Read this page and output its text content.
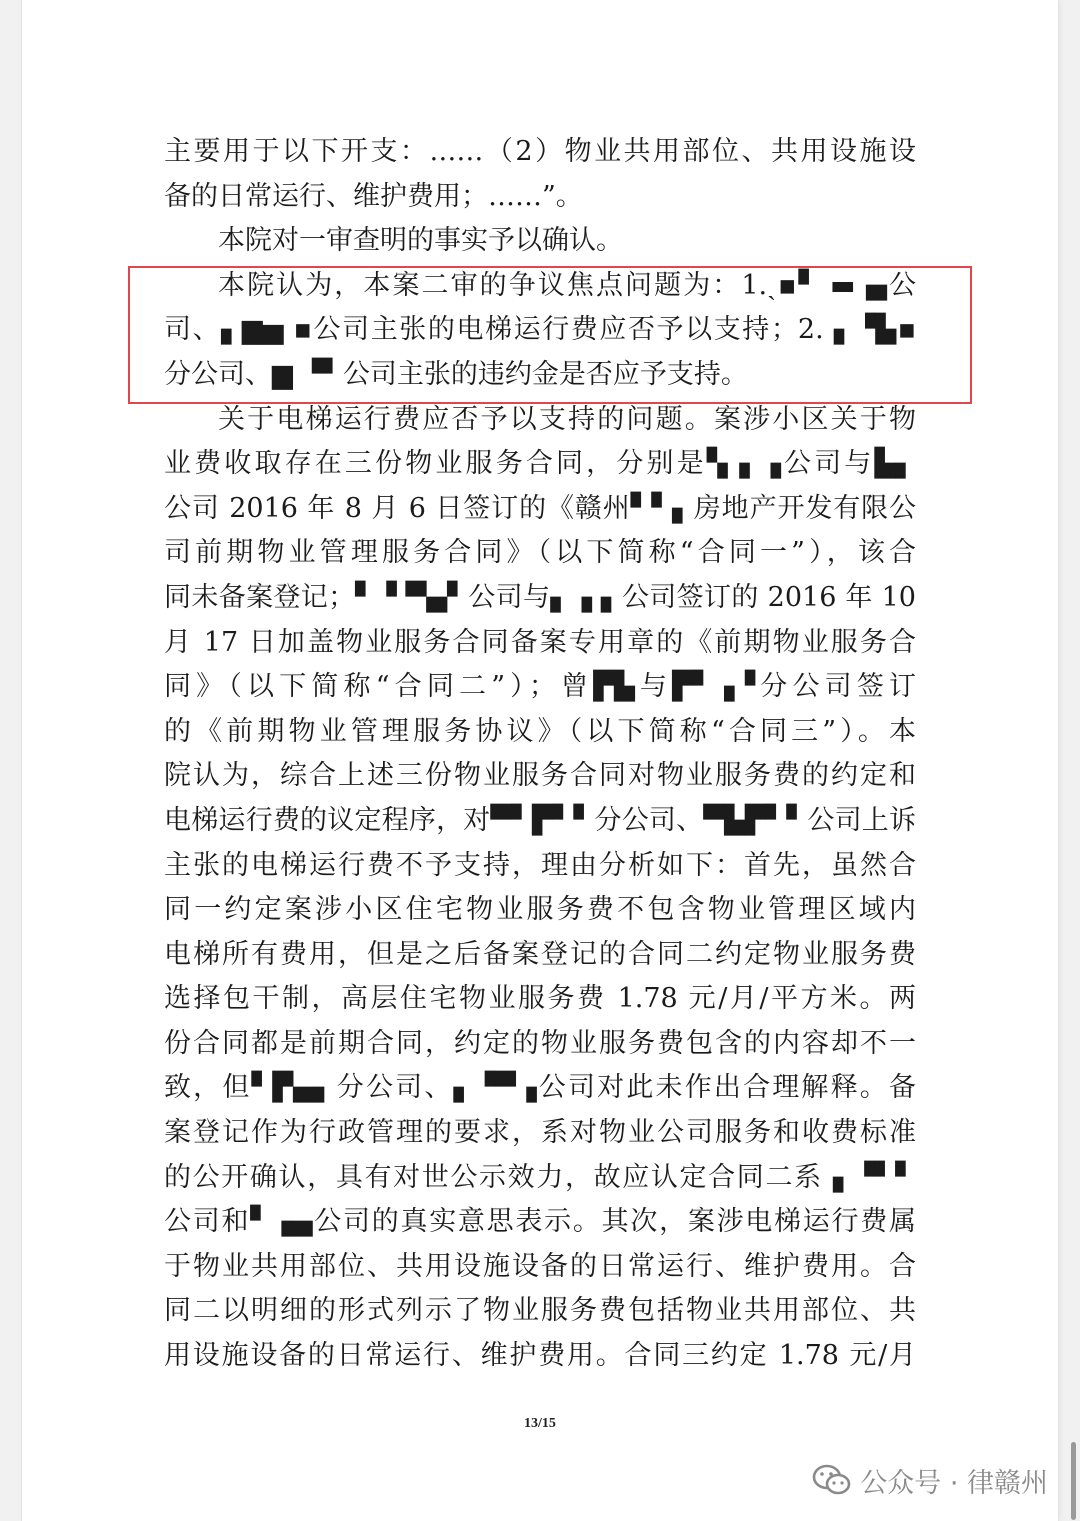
主要用于以下开支：……（2）物业共用部位、共用设施设
备的日常运行、维护费用；……”。
本院对一审查明的事实予以确认。
本院认为，本案二审的争议焦点问题为：1.ˎ▪▘ ▬ ▄公
司、▖▆▅ ▪公司主张的电梯运行费应否予以支持；2. ▖▝▙▪
分公司、▆ ▝▘公司主张的违约金是否应予支持。
关于电梯运行费应否予以支持的问题。案涉小区关于物
业费收取存在三份物业服务合同，分别是▚ ▖▗公司与▙▖
公司 2016 年 8 月 6 日签订的《赣州▘▘▖房地产开发有限公
司前期物业管理服务合同》（以下简称“合同一”），该合
同未备案登记；▘▝ ▀▄▘公司与▖▗ ▖公司签订的 2016 年 10
月 17 日加盖物业服务合同备案专用章的《前期物业服务合
同》（以下简称“合同二”）；曾▛▙与▛▘▗▝分公司签订
的《前期物业管理服务协议》（以下简称“合同三”）。本
院认为，综合上述三份物业服务合同对物业服务费的约定和
电梯运行费的议定程序，对▀▘▛▘▘分公司、▀▙▛▘▘公司上诉
主张的电梯运行费不予支持，理由分析如下：首先，虽然合
同一约定案涉小区住宅物业服务费不包含物业管理区域内
电梯所有费用，但是之后备案登记的合同二约定物业服务费
选择包干制，高层住宅物业服务费 1.78 元/月/平方米。两
份合同都是前期合同，约定的物业服务费包含的内容却不一
致，但▘▛▄▖分公司、▖▝▀▗公司对此未作出合理解释。备
案登记作为行政管理的要求，系对物业公司服务和收费标准
的公开确认，具有对世公示效力，故应认定合同二系 ▖▝▘▘
公司和▘▗▄公司的真实意思表示。其次，案涉电梯运行费属
于物业共用部位、共用设施设备的日常运行、维护费用。合
同二以明细的形式列示了物业服务费包括物业共用部位、共
用设施设备的日常运行、维护费用。合同三约定 1.78 元/月
13/15
公众号 · 律赣州
